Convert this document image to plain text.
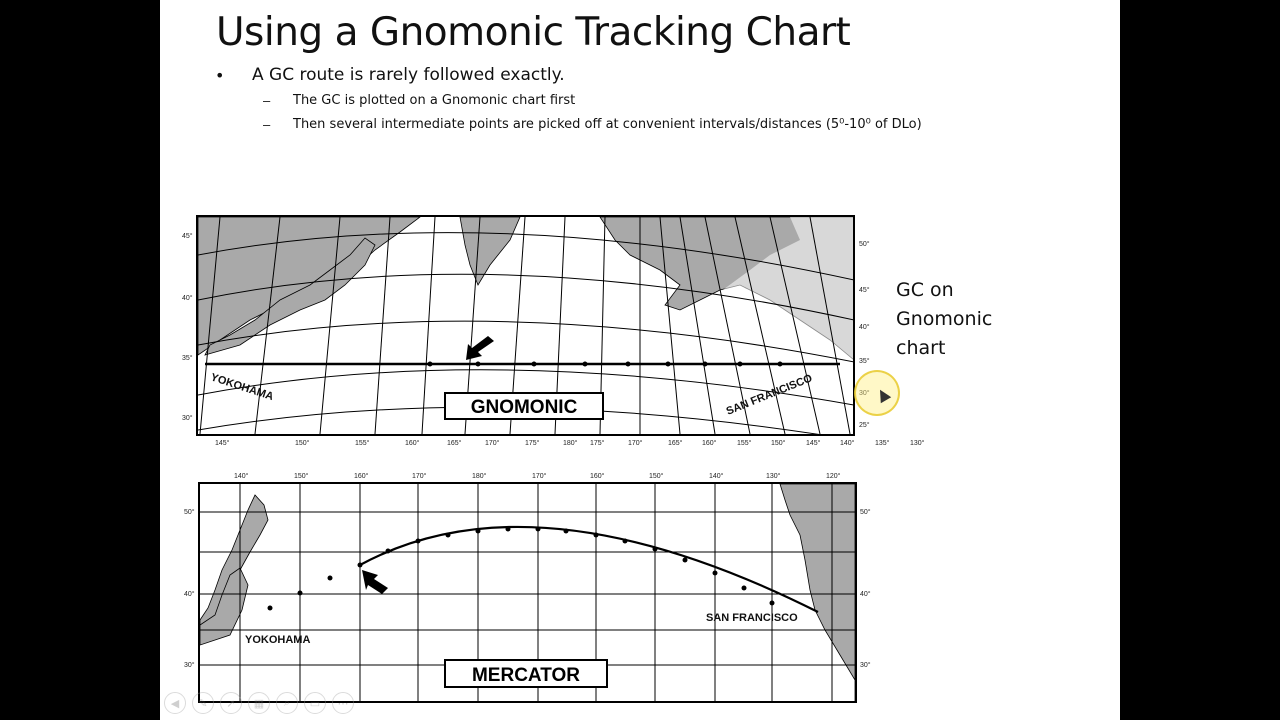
Using a Gnomonic Tracking Chart
• A GC route is rarely followed exactly.
– The GC is plotted on a Gnomonic chart first
– Then several intermediate points are picked off at convenient intervals/distances (5⁰-10⁰ of DLo)
GNOMONIC
YOKOHAMA	SAN FRANCISCO
45°
40°
35°
30°
50°
45°
40°
35°
30°
25°
145°	150°	155°	160°	165°	170°	175°	180° 175°	170°	165°	160°	155°	150°	145°	140°	135°	130°
MERCATOR
YOKOHAMA
SAN FRANCISCO
50°
40°
30°
50°
40°
30°
140°	150°	160°	170°	180°	170°	160°	150°	140°	130°	120°
GC on Gnomonic chart
◀	✎	➚	▦	⌕	▭	⋯
